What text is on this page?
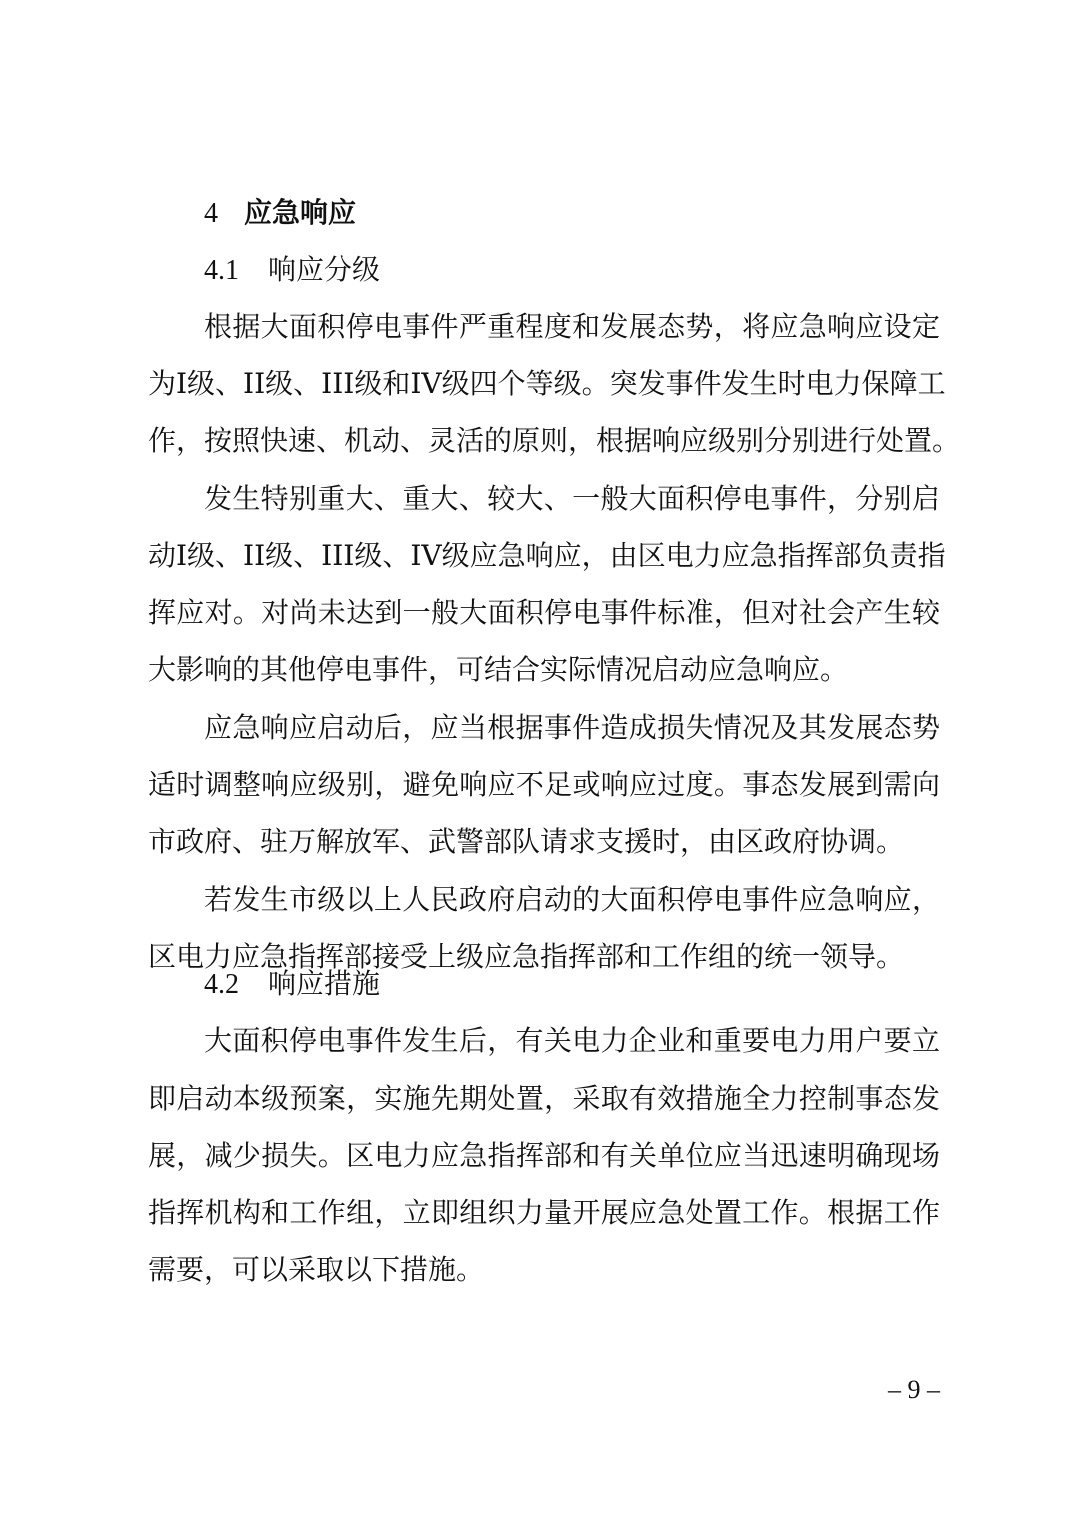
4 应急响应
4.1 响应分级
根据大面积停电事件严重程度和发展态势，将应急响应设定
为I级、II级、III级和IV级四个等级。突发事件发生时电力保障工
作，按照快速、机动、灵活的原则，根据响应级别分别进行处置。
发生特别重大、重大、较大、一般大面积停电事件，分别启
动I级、II级、III级、IV级应急响应，由区电力应急指挥部负责指
挥应对。对尚未达到一般大面积停电事件标准，但对社会产生较
大影响的其他停电事件，可结合实际情况启动应急响应。
应急响应启动后，应当根据事件造成损失情况及其发展态势
适时调整响应级别，避免响应不足或响应过度。事态发展到需向
市政府、驻万解放军、武警部队请求支援时，由区政府协调。
若发生市级以上人民政府启动的大面积停电事件应急响应，
区电力应急指挥部接受上级应急指挥部和工作组的统一领导。
4.2 响应措施
大面积停电事件发生后，有关电力企业和重要电力用户要立
即启动本级预案，实施先期处置，采取有效措施全力控制事态发
展，减少损失。区电力应急指挥部和有关单位应当迅速明确现场
指挥机构和工作组，立即组织力量开展应急处置工作。根据工作
需要，可以采取以下措施。
– 9 –
